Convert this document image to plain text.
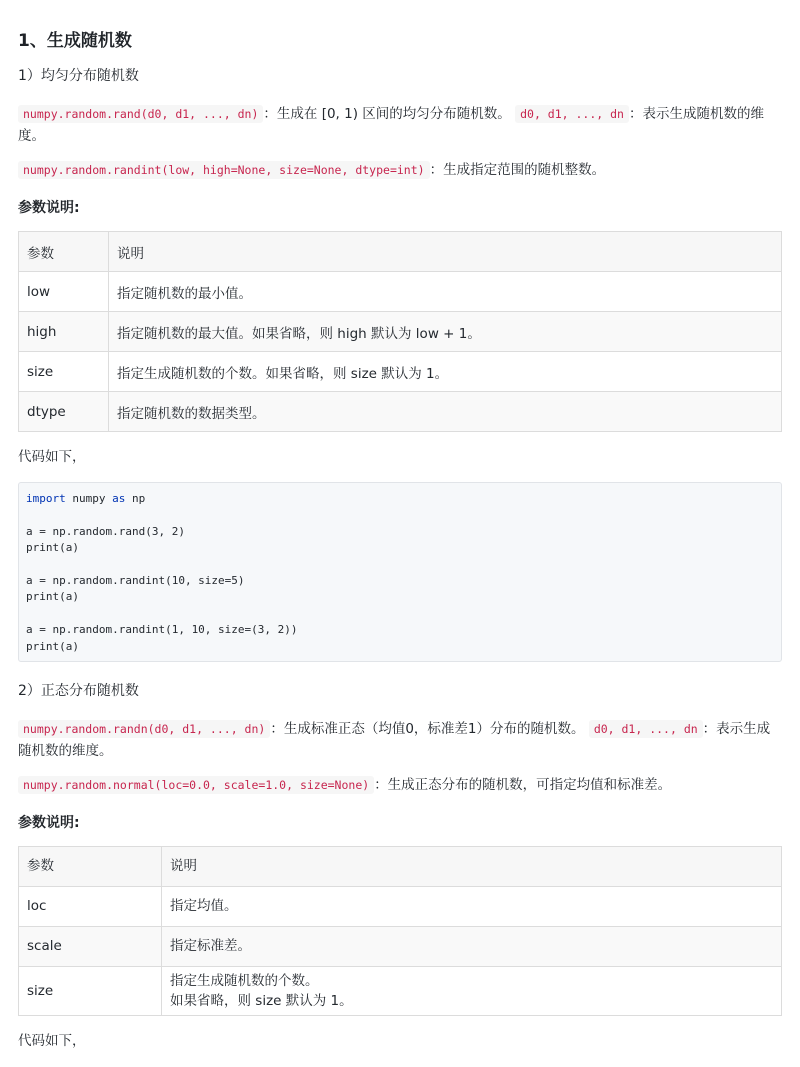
1、生成随机数
1）均匀分布随机数

numpy.random.rand(d0, d1, ..., dn) ：生成在 [0, 1) 区间的均匀分布随机数。 d0, d1, ..., dn ：表示生成随机数的维度。

numpy.random.randint(low, high=None, size=None, dtype=int) ：生成指定范围的随机整数。

参数说明:
参数	说明
low	指定随机数的最小值。
high	指定随机数的最大值。如果省略，则 high 默认为 low + 1。
size	指定生成随机数的个数。如果省略，则 size 默认为 1。
dtype	指定随机数的数据类型。

代码如下，

import numpy as np
a = np.random.rand(3, 2)
print(a)
a = np.random.randint(10, size=5)
print(a)
a = np.random.randint(1, 10, size=(3, 2))
print(a)
2）正态分布随机数

numpy.random.randn(d0, d1, ..., dn) ：生成标准正态（均值0，标准差1）分布的随机数。 d0, d1, ..., dn ：表示生成随机数的维度。

numpy.random.normal(loc=0.0, scale=1.0, size=None) ：生成正态分布的随机数，可指定均值和标准差。

参数说明:
参数	说明
loc	指定均值。
scale	指定标准差。
size	指定生成随机数的个数。
如果省略，则 size 默认为 1。

代码如下，
